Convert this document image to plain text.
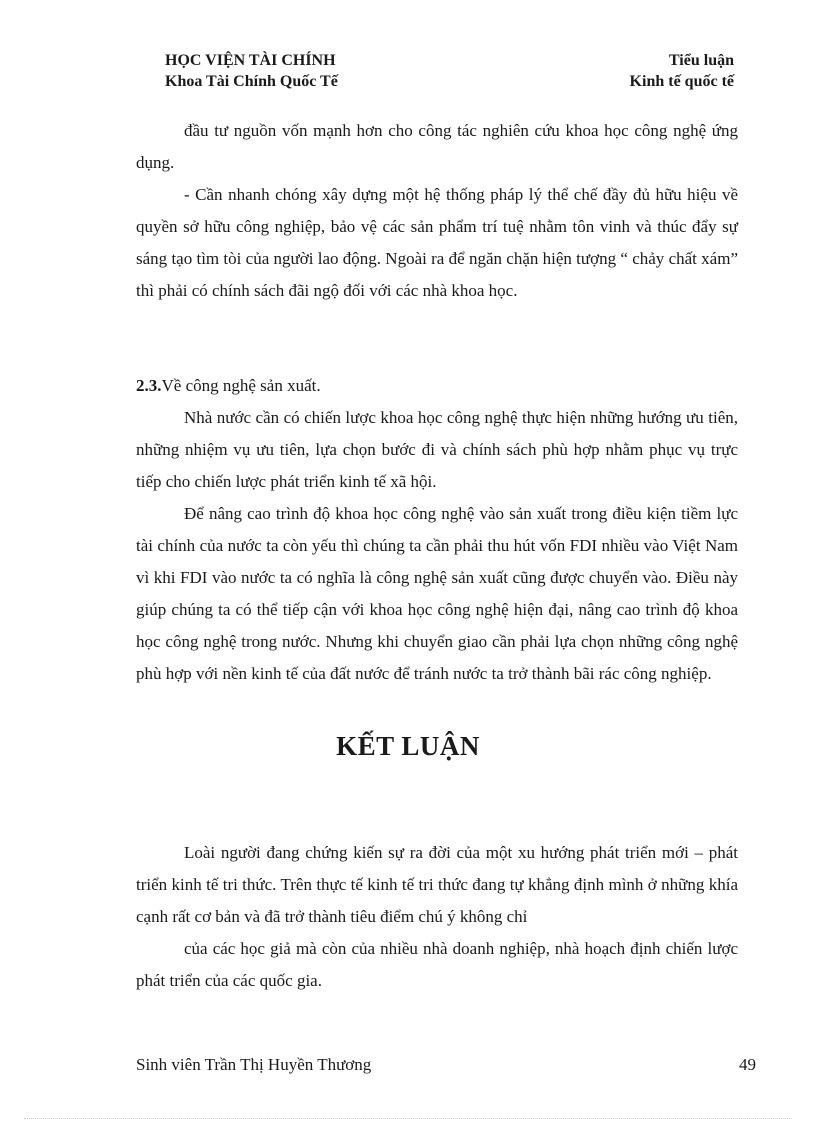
HỌC VIỆN TÀI CHÍNH
Khoa Tài Chính Quốc Tế
Tiểu luận
Kinh tế quốc tế

đầu tư nguồn vốn mạnh hơn cho công tác nghiên cứu khoa học công nghệ ứng dụng.

- Cần nhanh chóng xây dựng một hệ thống pháp lý thể chế đầy đủ hữu hiệu về quyền sở hữu công nghiệp, bảo vệ các sản phẩm trí tuệ nhằm tôn vinh và thúc đẩy sự sáng tạo tìm tòi của người lao động. Ngoài ra để ngăn chặn hiện tượng “ chảy chất xám” thì phải có chính sách đãi ngộ đối với các nhà khoa học.

2.3.Về công nghệ sản xuất.

Nhà nước cần có chiến lược khoa học công nghệ thực hiện những hướng ưu tiên, những nhiệm vụ ưu tiên, lựa chọn bước đi và chính sách phù hợp nhằm phục vụ trực tiếp cho chiến lược phát triển kinh tế xã hội.

Để nâng cao trình độ khoa học công nghệ vào sản xuất trong điều kiện tiềm lực tài chính của nước ta còn yếu thì chúng ta cần phải thu hút vốn FDI nhiều vào Việt Nam vì khi FDI vào nước ta có nghĩa là công nghệ sản xuất cũng được chuyển vào. Điều này giúp chúng ta có thể tiếp cận với khoa học công nghệ hiện đại, nâng cao trình độ khoa học công nghệ trong nước. Nhưng khi chuyển giao cần phải lựa chọn những công nghệ phù hợp với nền kinh tế của đất nước để tránh nước ta trở thành bãi rác công nghiệp.

KẾT LUẬN

Loài người đang chứng kiến sự ra đời của một xu hướng phát triển mới – phát triển kinh tế tri thức. Trên thực tế kinh tế tri thức đang tự khẳng định mình ở những khía cạnh rất cơ bản và đã trở thành tiêu điểm chú ý không chỉ

của các học giả mà còn của nhiều nhà doanh nghiệp, nhà hoạch định chiến lược phát triển của các quốc gia.

Sinh viên Trần Thị Huyền Thương	49
